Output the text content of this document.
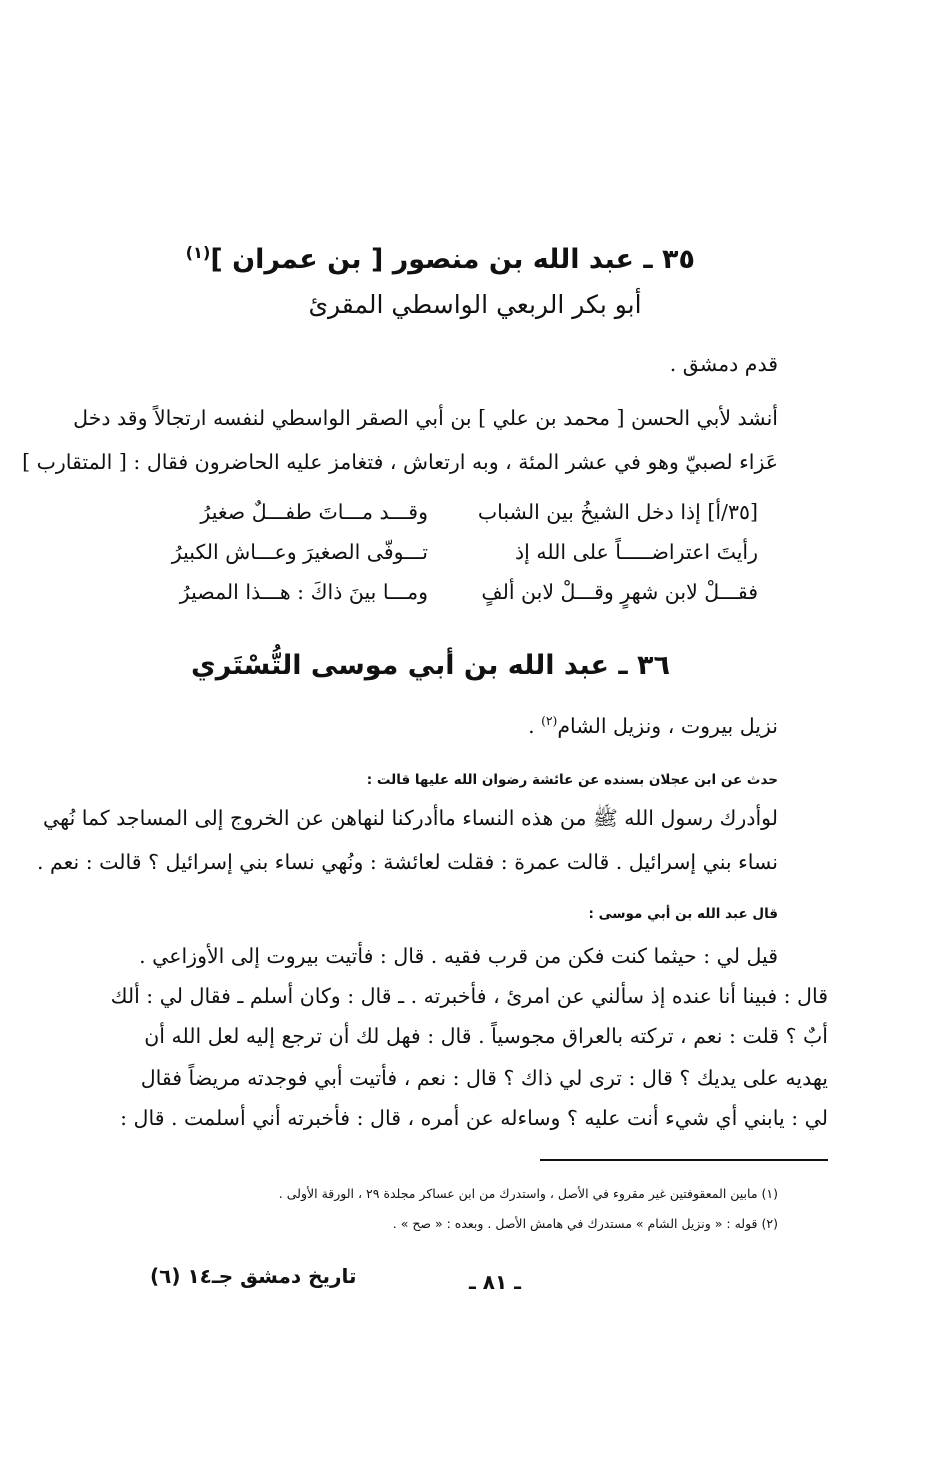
٣٥ ـ عبد الله بن منصور [ بن عمران ]$^{(١)}$
أبو بكر الربعي الواسطي المقرئ
قدم دمشق .
أنشد لأبي الحسن [ محمد بن علي ] بن أبي الصقر الواسطي لنفسه ارتجالاً وقد دخل
عَزاء لصبيّ وهو في عشر المئة ، وبه ارتعاش ، فتغامز عليه الحاضرون فقال : [ المتقارب ]
[٣٥/أ] إذا دخل الشيخُ بين الشباب
وقـــد مـــاتَ طفـــلٌ صغيرُ
رأيتَ اعتراضـــــاً على الله إذ
تـــوفّى الصغيرَ وعـــاش الكبيرُ
فقـــلْ لابن شهرٍ وقـــلْ لابن ألفٍ
ومـــا بينَ ذاكَ : هـــذا المصيرُ
٣٦ ـ عبد الله بن أبي موسى التُّسْتَري
نزيل بيروت ، ونزيل الشام$^{(٢)}$ .
حدث عن ابن عجلان بسنده عن عائشة رضوان الله عليها قالت :
لوأدرك رسول الله ﷺ من هذه النساء ماأدركنا لنهاهن عن الخروج إلى المساجد كما نُهي
نساء بني إسرائيل . قالت عمرة : فقلت لعائشة : ونُهي نساء بني إسرائيل ؟ قالت : نعم .
قال عبد الله بن أبي موسى :
قيل لي : حيثما كنت فكن من قرب فقيه . قال : فأتيت بيروت إلى الأوزاعي .
قال : فبينا أنا عنده إذ سألني عن امرئ ، فأخبرته . ـ قال : وكان أسلم ـ فقال لي : ألك
أبٌ ؟ قلت : نعم ، تركته بالعراق مجوسياً . قال : فهل لك أن ترجع إليه لعل الله أن
يهديه على يديك ؟ قال : ترى لي ذاك ؟ قال : نعم ، فأتيت أبي فوجدته مريضاً فقال
لي : يابني أي شيء أنت عليه ؟ وساءله عن أمره ، قال : فأخبرته أني أسلمت . قال :
(١) مابين المعقوفتين غير مقروء في الأصل ، واستدرك من ابن عساكر مجلدة ٢٩ ، الورقة الأولى .
(٢) قوله : « ونزيل الشام » مستدرك في هامش الأصل . وبعده : « صح » .
ـ ٨١ ـ
تاريخ دمشق جـ١٤ (٦)
